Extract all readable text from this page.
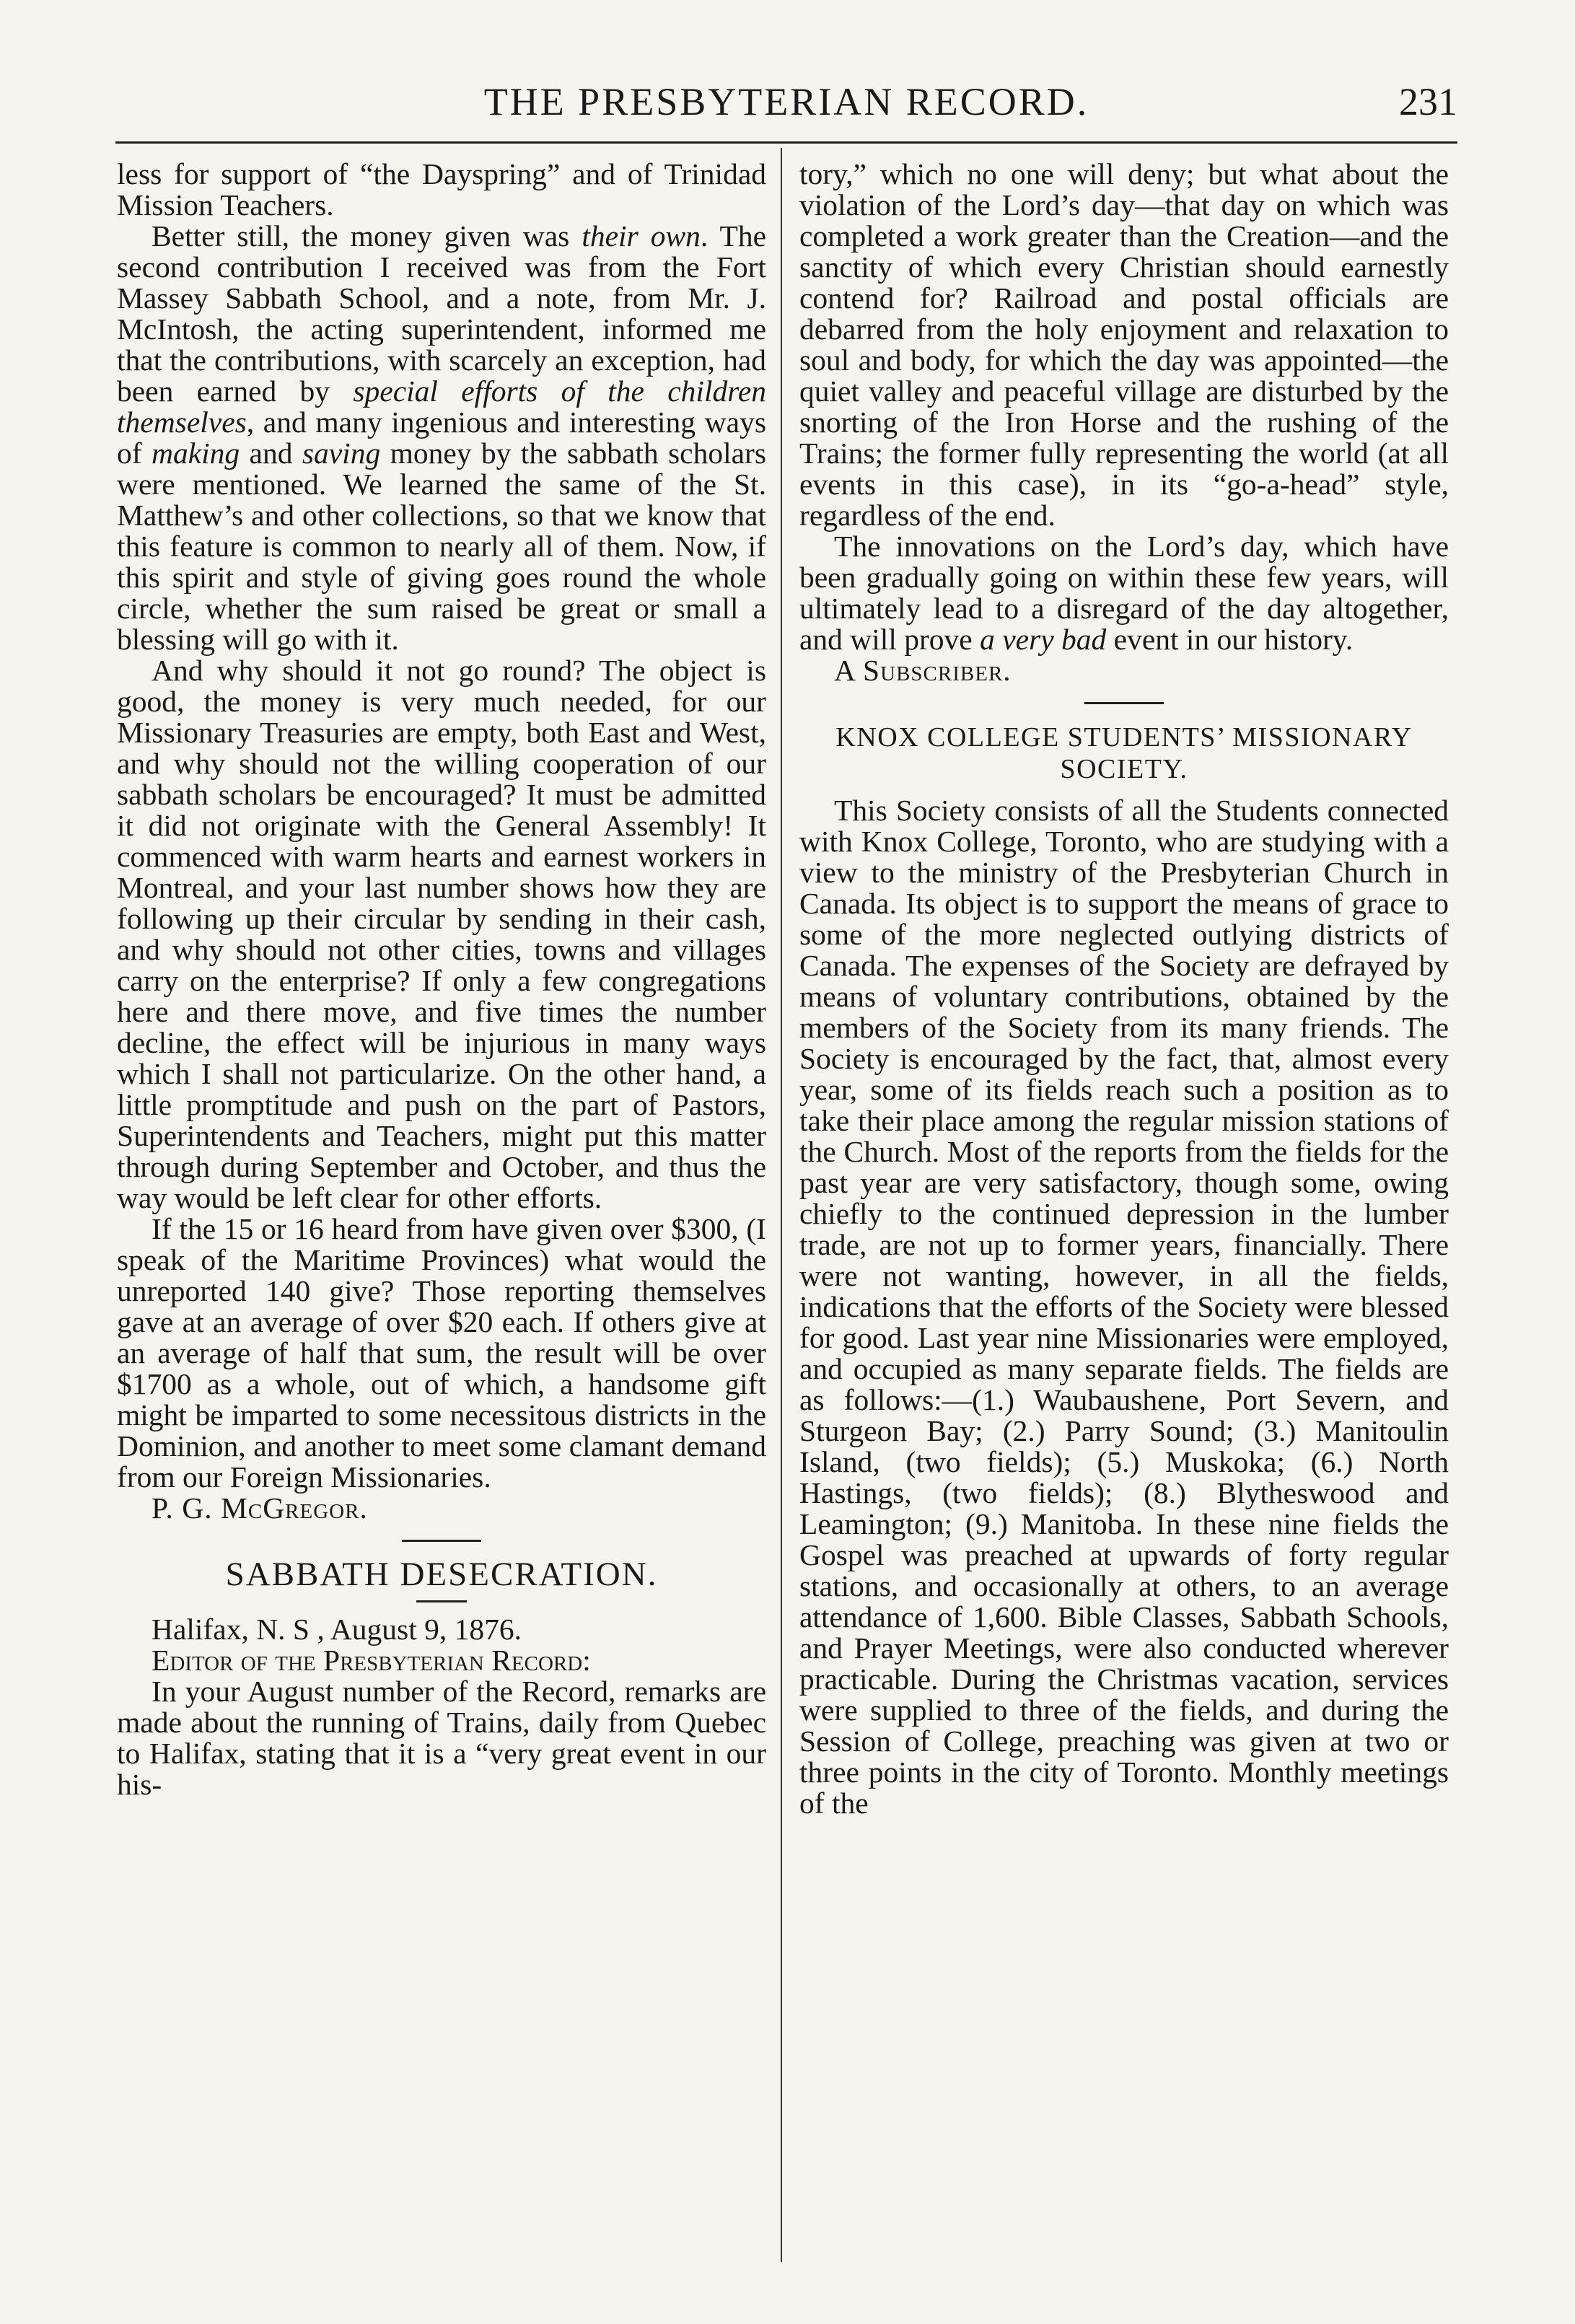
THE PRESBYTERIAN RECORD.	231

less for support of “the Dayspring” and of Trinidad Mission Teachers.

Better still, the money given was their own. The second contribution I received was from the Fort Massey Sabbath School, and a note, from Mr. J. McIntosh, the acting superintendent, informed me that the contributions, with scarcely an exception, had been earned by special efforts of the children themselves, and many ingenious and interesting ways of making and saving money by the sabbath scholars were mentioned. We learned the same of the St. Matthew’s and other collections, so that we know that this feature is common to nearly all of them. Now, if this spirit and style of giving goes round the whole circle, whether the sum raised be great or small a blessing will go with it.

And why should it not go round? The object is good, the money is very much needed, for our Missionary Treasuries are empty, both East and West, and why should not the willing cooperation of our sabbath scholars be encouraged? It must be admitted it did not originate with the General Assembly! It commenced with warm hearts and earnest workers in Montreal, and your last number shows how they are following up their circular by sending in their cash, and why should not other cities, towns and villages carry on the enterprise? If only a few congregations here and there move, and five times the number decline, the effect will be injurious in many ways which I shall not particularize. On the other hand, a little promptitude and push on the part of Pastors, Superintendents and Teachers, might put this matter through during September and October, and thus the way would be left clear for other efforts.

If the 15 or 16 heard from have given over $300, (I speak of the Maritime Provinces) what would the unreported 140 give? Those reporting themselves gave at an average of over $20 each. If others give at an average of half that sum, the result will be over $1700 as a whole, out of which, a handsome gift might be imparted to some necessitous districts in the Dominion, and another to meet some clamant demand from our Foreign Missionaries.

P. G. McGregor.

SABBATH DESECRATION.

Halifax, N. S , August 9, 1876.

Editor of the Presbyterian Record:

In your August number of the Record, remarks are made about the running of Trains, daily from Quebec to Halifax, stating that it is a “very great event in our his-

tory,” which no one will deny; but what about the violation of the Lord’s day—that day on which was completed a work greater than the Creation—and the sanctity of which every Christian should earnestly contend for? Railroad and postal officials are debarred from the holy enjoyment and relaxation to soul and body, for which the day was appointed—the quiet valley and peaceful village are disturbed by the snorting of the Iron Horse and the rushing of the Trains; the former fully representing the world (at all events in this case), in its “go-a-head” style, regardless of the end.

The innovations on the Lord’s day, which have been gradually going on within these few years, will ultimately lead to a disregard of the day altogether, and will prove a very bad event in our history.

A Subscriber.

KNOX COLLEGE STUDENTS’ MISSIONARY SOCIETY.

This Society consists of all the Students connected with Knox College, Toronto, who are studying with a view to the ministry of the Presbyterian Church in Canada. Its object is to support the means of grace to some of the more neglected outlying districts of Canada. The expenses of the Society are defrayed by means of voluntary contributions, obtained by the members of the Society from its many friends. The Society is encouraged by the fact, that, almost every year, some of its fields reach such a position as to take their place among the regular mission stations of the Church. Most of the reports from the fields for the past year are very satisfactory, though some, owing chiefly to the continued depression in the lumber trade, are not up to former years, financially. There were not wanting, however, in all the fields, indications that the efforts of the Society were blessed for good. Last year nine Missionaries were employed, and occupied as many separate fields. The fields are as follows:—(1.) Waubaushene, Port Severn, and Sturgeon Bay; (2.) Parry Sound; (3.) Manitoulin Island, (two fields); (5.) Muskoka; (6.) North Hastings, (two fields); (8.) Blytheswood and Leamington; (9.) Manitoba. In these nine fields the Gospel was preached at upwards of forty regular stations, and occasionally at others, to an average attendance of 1,600. Bible Classes, Sabbath Schools, and Prayer Meetings, were also conducted wherever practicable. During the Christmas vacation, services were supplied to three of the fields, and during the Session of College, preaching was given at two or three points in the city of Toronto. Monthly meetings of the
